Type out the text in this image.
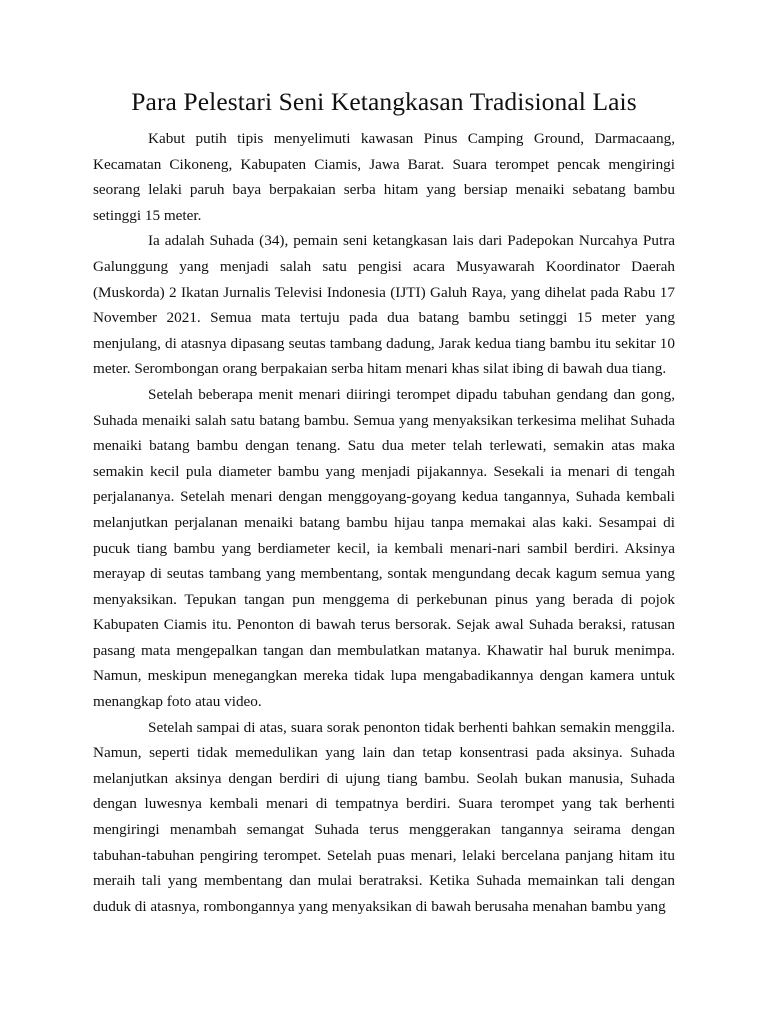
Para Pelestari Seni Ketangkasan Tradisional Lais

Kabut putih tipis menyelimuti kawasan Pinus Camping Ground, Darmacaang, Kecamatan Cikoneng, Kabupaten Ciamis, Jawa Barat. Suara terompet pencak mengiringi seorang lelaki paruh baya berpakaian serba hitam yang bersiap menaiki sebatang bambu setinggi 15 meter.

Ia adalah Suhada (34), pemain seni ketangkasan lais dari Padepokan Nurcahya Putra Galunggung yang menjadi salah satu pengisi acara Musyawarah Koordinator Daerah (Muskorda) 2 Ikatan Jurnalis Televisi Indonesia (IJTI) Galuh Raya, yang dihelat pada Rabu 17 November 2021. Semua mata tertuju pada dua batang bambu setinggi 15 meter yang menjulang, di atasnya dipasang seutas tambang dadung, Jarak kedua tiang bambu itu sekitar 10 meter. Serombongan orang berpakaian serba hitam menari khas silat ibing di bawah dua tiang.

Setelah beberapa menit menari diiringi terompet dipadu tabuhan gendang dan gong, Suhada menaiki salah satu batang bambu. Semua yang menyaksikan terkesima melihat Suhada menaiki batang bambu dengan tenang. Satu dua meter telah terlewati, semakin atas maka semakin kecil pula diameter bambu yang menjadi pijakannya. Sesekali ia menari di tengah perjalananya. Setelah menari dengan menggoyang-goyang kedua tangannya, Suhada kembali melanjutkan perjalanan menaiki batang bambu hijau tanpa memakai alas kaki. Sesampai di pucuk tiang bambu yang berdiameter kecil, ia kembali menari-nari sambil berdiri. Aksinya merayap di seutas tambang yang membentang, sontak mengundang decak kagum semua yang menyaksikan. Tepukan tangan pun menggema di perkebunan pinus yang berada di pojok Kabupaten Ciamis itu. Penonton di bawah terus bersorak. Sejak awal Suhada beraksi, ratusan pasang mata mengepalkan tangan dan membulatkan matanya. Khawatir hal buruk menimpa. Namun, meskipun menegangkan mereka tidak lupa mengabadikannya dengan kamera untuk menangkap foto atau video.

Setelah sampai di atas, suara sorak penonton tidak berhenti bahkan semakin menggila. Namun, seperti tidak memedulikan yang lain dan tetap konsentrasi pada aksinya. Suhada melanjutkan aksinya dengan berdiri di ujung tiang bambu. Seolah bukan manusia, Suhada dengan luwesnya kembali menari di tempatnya berdiri. Suara terompet yang tak berhenti mengiringi menambah semangat Suhada terus menggerakan tangannya seirama dengan tabuhan-tabuhan pengiring terompet. Setelah puas menari, lelaki bercelana panjang hitam itu meraih tali yang membentang dan mulai beratraksi. Ketika Suhada memainkan tali dengan duduk di atasnya, rombongannya yang menyaksikan di bawah berusaha menahan bambu yang
